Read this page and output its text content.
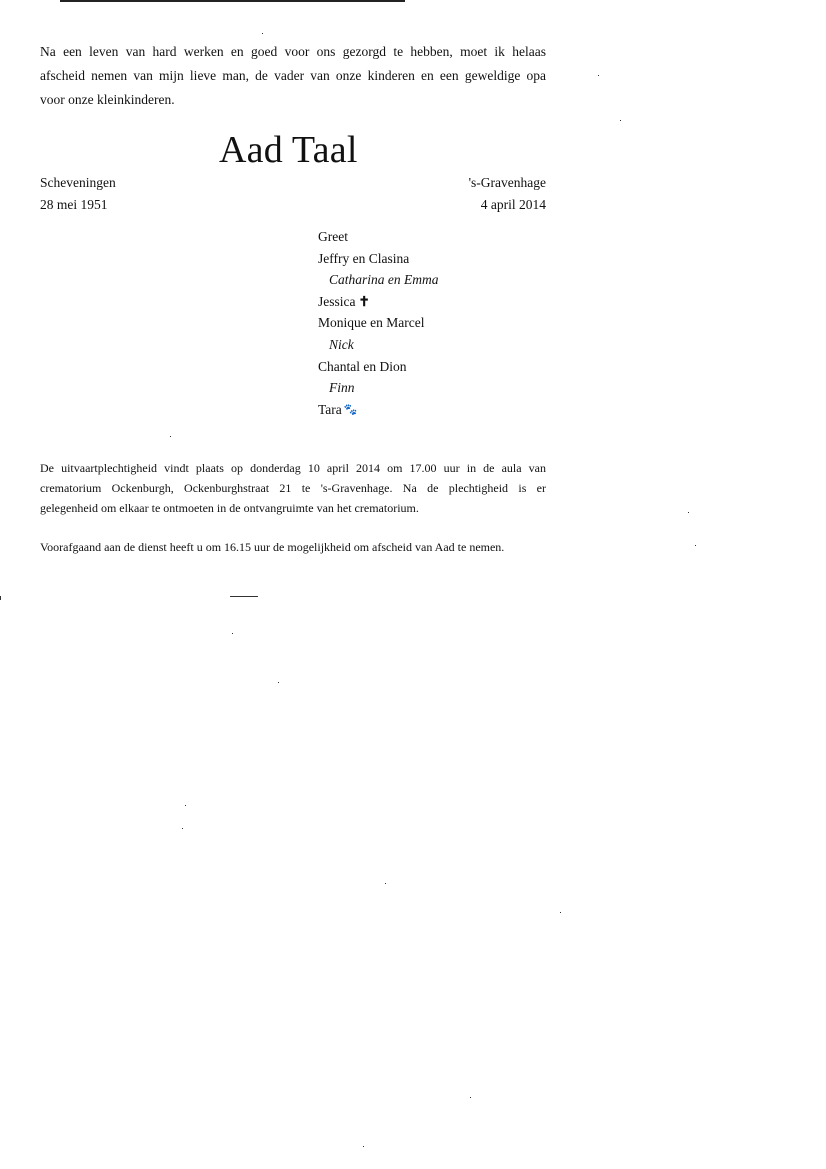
Na een leven van hard werken en goed voor ons gezorgd te hebben, moet ik helaas
afscheid nemen van mijn lieve man, de vader van onze kinderen en een geweldige opa
voor onze kleinkinderen.
Aad Taal
Scheveningen
28 mei 1951
's-Gravenhage
4 april 2014
Greet
Jeffry en Clasina
Catharina en Emma
Jessica ✝
Monique en Marcel
Nick
Chantal en Dion
Finn
Tara 🐾
De uitvaartplechtigheid vindt plaats op donderdag 10 april 2014 om 17.00 uur in de aula van
crematorium Ockenburgh, Ockenburghstraat 21 te 's-Gravenhage. Na de plechtigheid is er
gelegenheid om elkaar te ontmoeten in de ontvangruimte van het crematorium.
Voorafgaand aan de dienst heeft u om 16.15 uur de mogelijkheid om afscheid van Aad te nemen.
